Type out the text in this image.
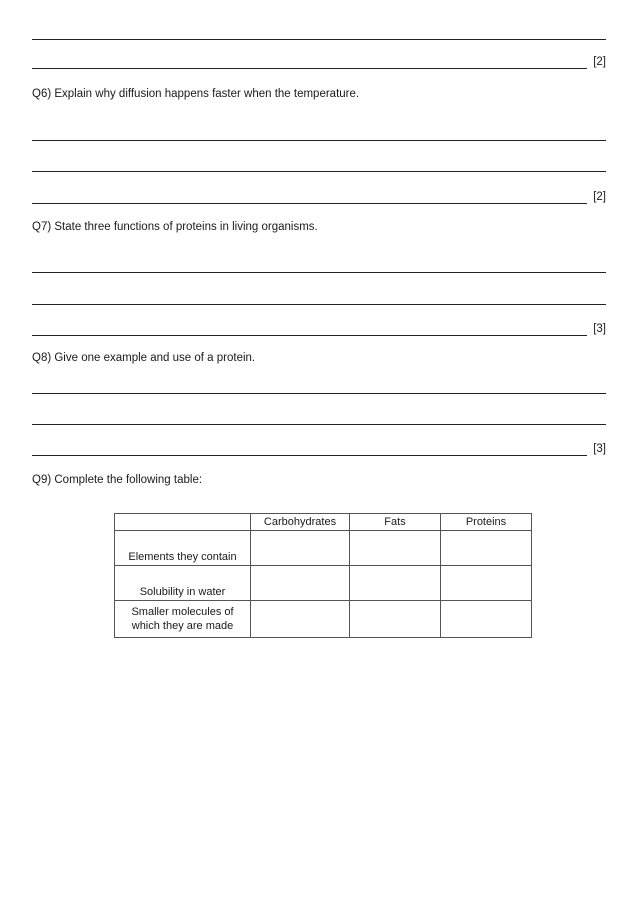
[2]
Q6) Explain why diffusion happens faster when the temperature.
[2]
Q7) State three functions of proteins in living organisms.
[3]
Q8) Give one example and use of a protein.
[3]
Q9) Complete the following table:
	Carbohydrates	Fats	Proteins
Elements they contain			
Solubility in water			
Smaller molecules of which they are made			
